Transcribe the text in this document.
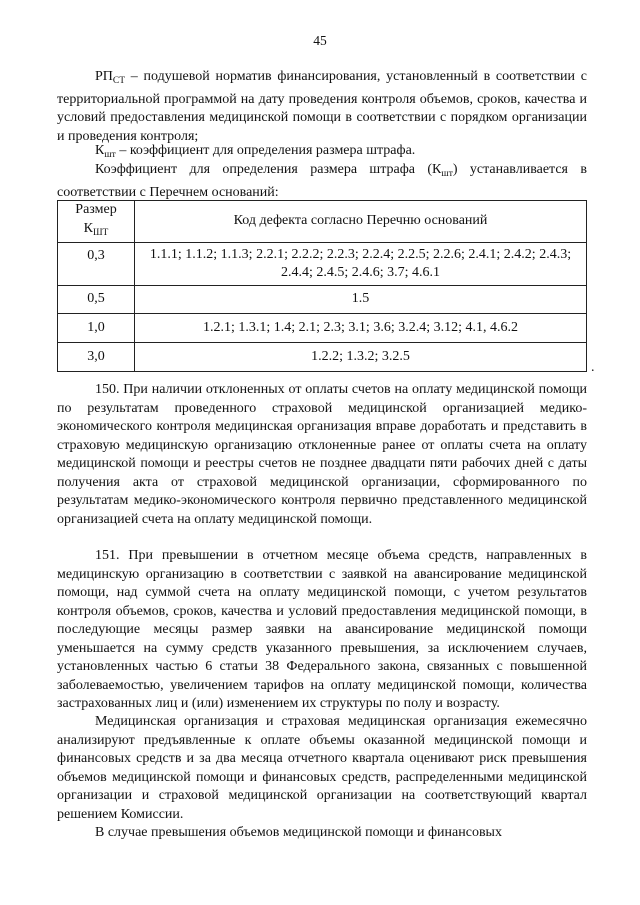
45

$РП_{СТ}$ – подушевой норматив финансирования, установленный в соответствии с территориальной программой на дату проведения контроля объемов, сроков, качества и условий предоставления медицинской помощи в соответствии с порядком организации и проведения контроля;

$К_{шт}$ – коэффициент для определения размера штрафа.

Коэффициент для определения размера штрафа $(К_{шт})$ устанавливается в соответствии с Перечнем оснований:

Размер $К_{ШТ}$	Код дефекта согласно Перечню оснований
0,3	1.1.1; 1.1.2; 1.1.3; 2.2.1; 2.2.2; 2.2.3; 2.2.4; 2.2.5; 2.2.6; 2.4.1; 2.4.2; 2.4.3; 2.4.4; 2.4.5; 2.4.6; 3.7; 4.6.1
0,5	1.5
1,0	1.2.1; 1.3.1; 1.4; 2.1; 2.3; 3.1; 3.6; 3.2.4; 3.12; 4.1, 4.6.2
3,0	1.2.2; 1.3.2; 3.2.5
.

150. При наличии отклоненных от оплаты счетов на оплату медицинской помощи по результатам проведенного страховой медицинской организацией медико-экономического контроля медицинская организация вправе доработать и представить в страховую медицинскую организацию отклоненные ранее от оплаты счета на оплату медицинской помощи и реестры счетов не позднее двадцати пяти рабочих дней с даты получения акта от страховой медицинской организации, сформированного по результатам медико-экономического контроля первично представленного медицинской организацией счета на оплату медицинской помощи.

151. При превышении в отчетном месяце объема средств, направленных в медицинскую организацию в соответствии с заявкой на авансирование медицинской помощи, над суммой счета на оплату медицинской помощи, с учетом результатов контроля объемов, сроков, качества и условий предоставления медицинской помощи, в последующие месяцы размер заявки на авансирование медицинской помощи уменьшается на сумму средств указанного превышения, за исключением случаев, установленных частью 6 статьи 38 Федерального закона, связанных с повышенной заболеваемостью, увеличением тарифов на оплату медицинской помощи, количества застрахованных лиц и (или) изменением их структуры по полу и возрасту.

Медицинская организация и страховая медицинская организация ежемесячно анализируют предъявленные к оплате объемы оказанной медицинской помощи и финансовых средств и за два месяца отчетного квартала оценивают риск превышения объемов медицинской помощи и финансовых средств, распределенными медицинской организации и страховой медицинской организации на соответствующий квартал решением Комиссии.

В случае превышения объемов медицинской помощи и финансовых
